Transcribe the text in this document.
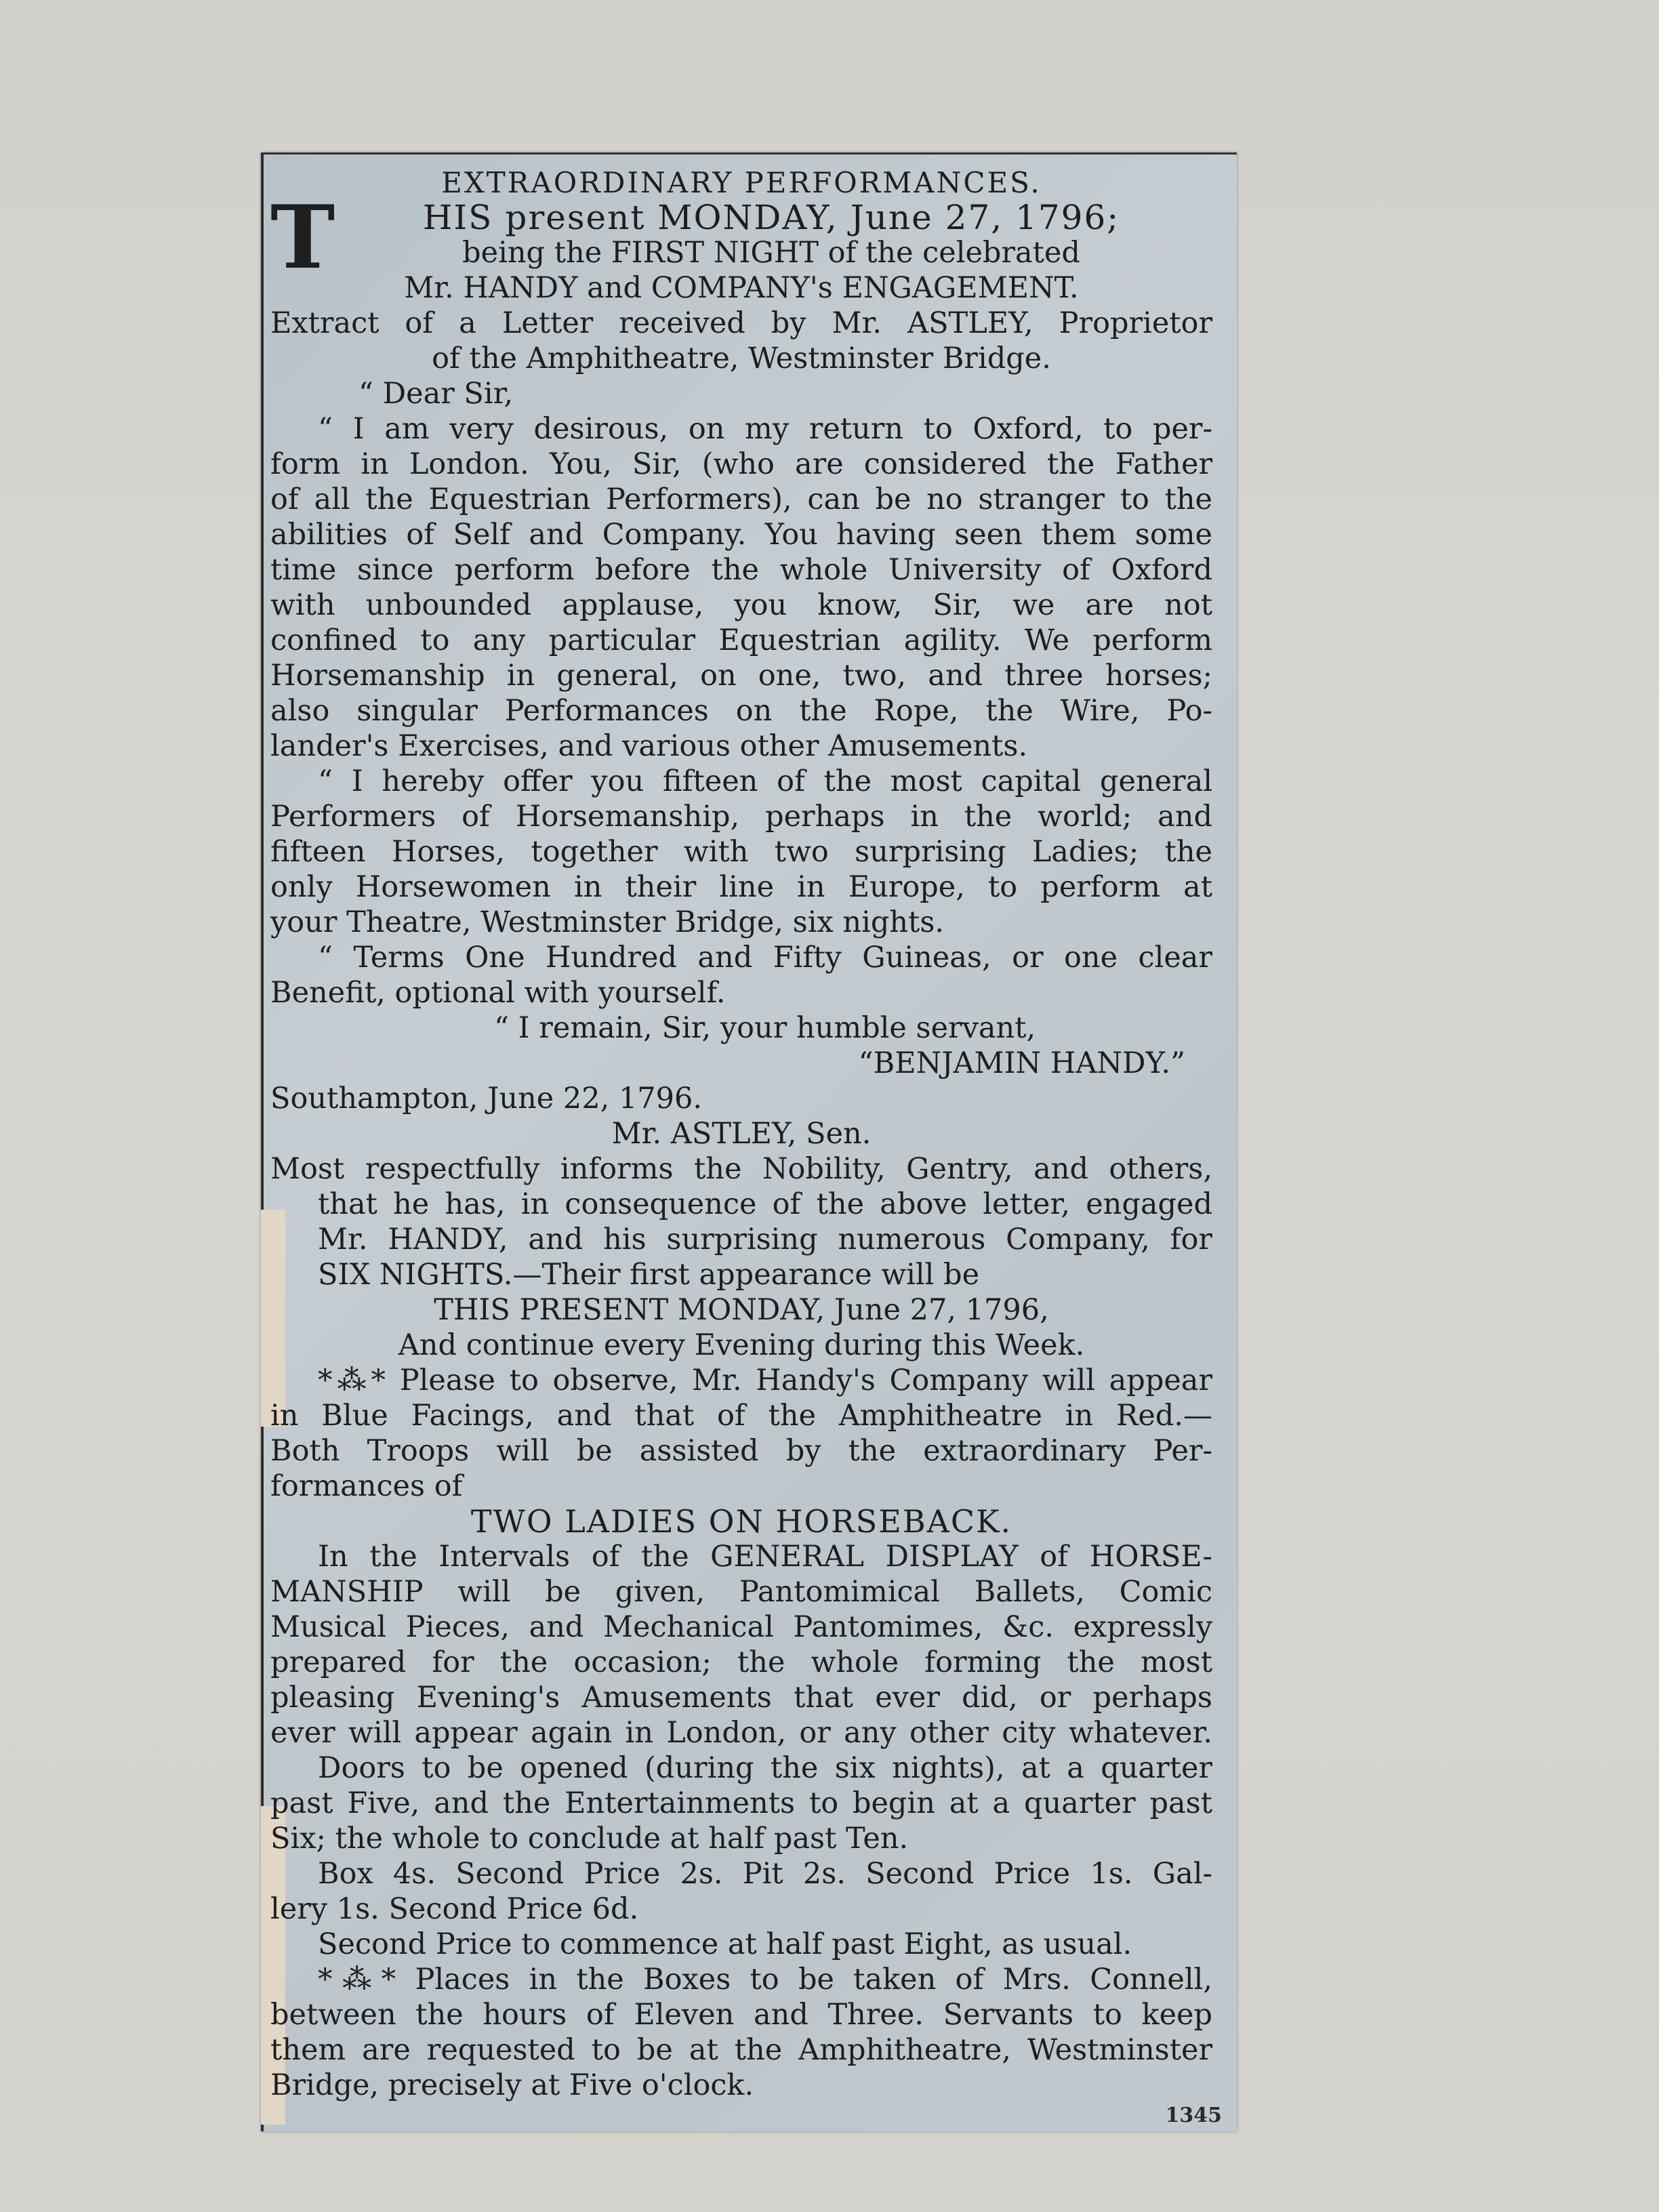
EXTRAORDINARY PERFORMANCES.
T	HIS present MONDAY, June 27, 1796;

being the FIRST NIGHT of the celebrated

Mr. HANDY and COMPANY's ENGAGEMENT.

Extract of a Letter received by Mr. ASTLEY, Proprietor

of the Amphitheatre, Westminster Bridge.

“ Dear Sir,

“ I am very desirous, on my return to Oxford, to per-

form in London. You, Sir, (who are considered the Father

of all the Equestrian Performers), can be no stranger to the

abilities of Self and Company. You having seen them some

time since perform before the whole University of Oxford

with unbounded applause, you know, Sir, we are not

confined to any particular Equestrian agility. We perform

Horsemanship in general, on one, two, and three horses;

also singular Performances on the Rope, the Wire, Po-

lander's Exercises, and various other Amusements.

“ I hereby offer you fifteen of the most capital general

Performers of Horsemanship, perhaps in the world; and

fifteen Horses, together with two surprising Ladies; the

only Horsewomen in their line in Europe, to perform at

your Theatre, Westminster Bridge, six nights.

“ Terms One Hundred and Fifty Guineas, or one clear

Benefit, optional with yourself.

“ I remain, Sir, your humble servant,

“BENJAMIN HANDY.”

Southampton, June 22, 1796.

Mr. ASTLEY, Sen.

Most respectfully informs the Nobility, Gentry, and others,

that he has, in consequence of the above letter, engaged

Mr. HANDY, and his surprising numerous Company, for

SIX NIGHTS.—Their first appearance will be

THIS PRESENT MONDAY, June 27, 1796,

And continue every Evening during this Week.

*⁂* Please to observe, Mr. Handy's Company will appear

in Blue Facings, and that of the Amphitheatre in Red.—

Both Troops will be assisted by the extraordinary Per-

formances of

TWO LADIES ON HORSEBACK.

In the Intervals of the GENERAL DISPLAY of HORSE-

MANSHIP will be given, Pantomimical Ballets, Comic

Musical Pieces, and Mechanical Pantomimes, &c. expressly

prepared for the occasion; the whole forming the most

pleasing Evening's Amusements that ever did, or perhaps

ever will appear again in London, or any other city whatever.

Doors to be opened (during the six nights), at a quarter

past Five, and the Entertainments to begin at a quarter past

Six; the whole to conclude at half past Ten.

Box 4s. Second Price 2s. Pit 2s. Second Price 1s. Gal-

lery 1s. Second Price 6d.

Second Price to commence at half past Eight, as usual.

*⁂* Places in the Boxes to be taken of Mrs. Connell,

between the hours of Eleven and Three. Servants to keep

them are requested to be at the Amphitheatre, Westminster

Bridge, precisely at Five o'clock.

1345
